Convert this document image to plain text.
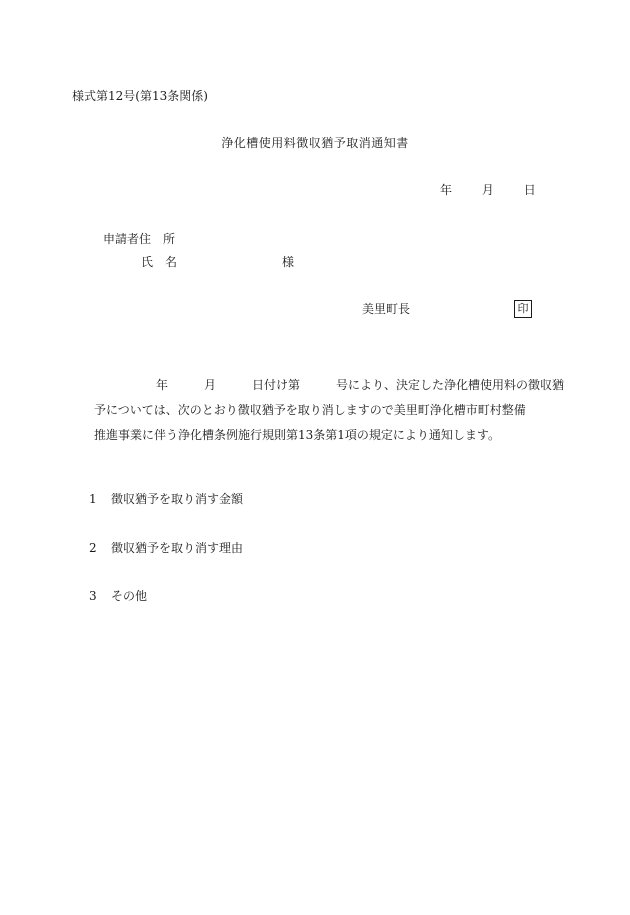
様式第12号(第13条関係)
浄化槽使用料徴収猶予取消通知書
年 月 日
申請者住　所
氏　名	様
美里町長	印
年　　　月　　　日付け第　　　号により、決定した浄化槽使用料の徴収猶
予については、次のとおり徴収猶予を取り消しますので美里町浄化槽市町村整備
推進事業に伴う浄化槽条例施行規則第13条第1項の規定により通知します。
1 徴収猶予を取り消す金額
2 徴収猶予を取り消す理由
3 その他
